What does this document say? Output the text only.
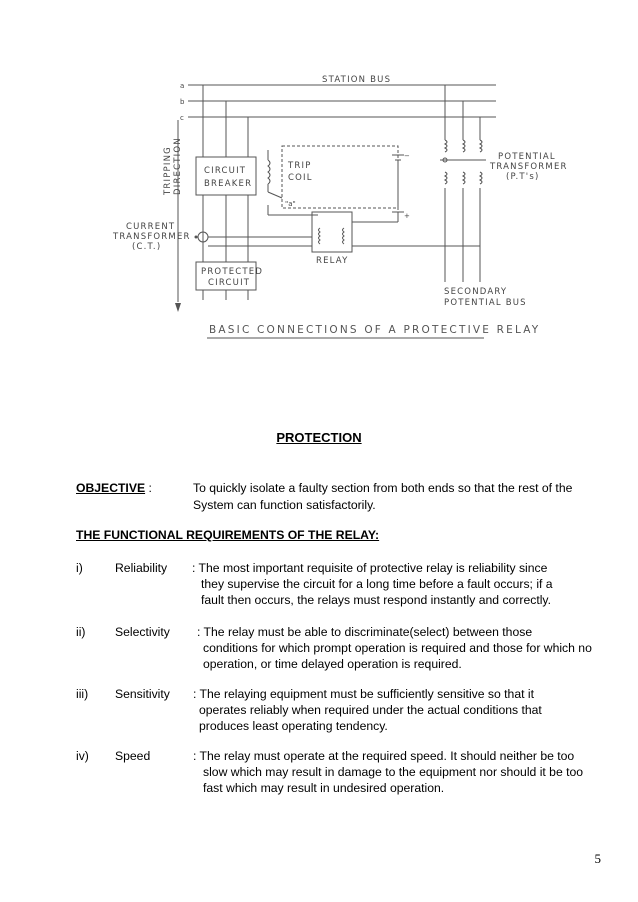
STATION BUS
a
b
c
TRIPPING DIRECTION CIRCUIT
BREAKER
TRIP
COIL
"a"
−
+
POTENTIAL
TRANSFORMER
(P.T's)
CURRENT
TRANSFORMER
(C.T.)
RELAY
PROTECTED
CIRCUIT
SECONDARY
POTENTIAL BUS
BASIC CONNECTIONS OF A PROTECTIVE RELAY
PROTECTION
OBJECTIVE :	To quickly isolate a faulty section from both ends so that the rest of the
System can function satisfactorily.
THE FUNCTIONAL REQUIREMENTS OF THE RELAY:
i)	Reliability : The most important requisite of protective relay is reliability since
they supervise the circuit for a long time before a fault occurs; if a
fault then occurs, the relays must respond instantly and correctly.
ii) Selectivity : The relay must be able to discriminate(select) between those
conditions for which prompt operation is required and those for which no
operation, or time delayed operation is required.
iii) Sensitivity : The relaying equipment must be sufficiently sensitive so that it
operates reliably when required under the actual conditions that
produces least operating tendency.
iv) Speed	: The relay must operate at the required speed. It should neither be too
slow which may result in damage to the equipment nor should it be too
fast which may result in undesired operation.
5
